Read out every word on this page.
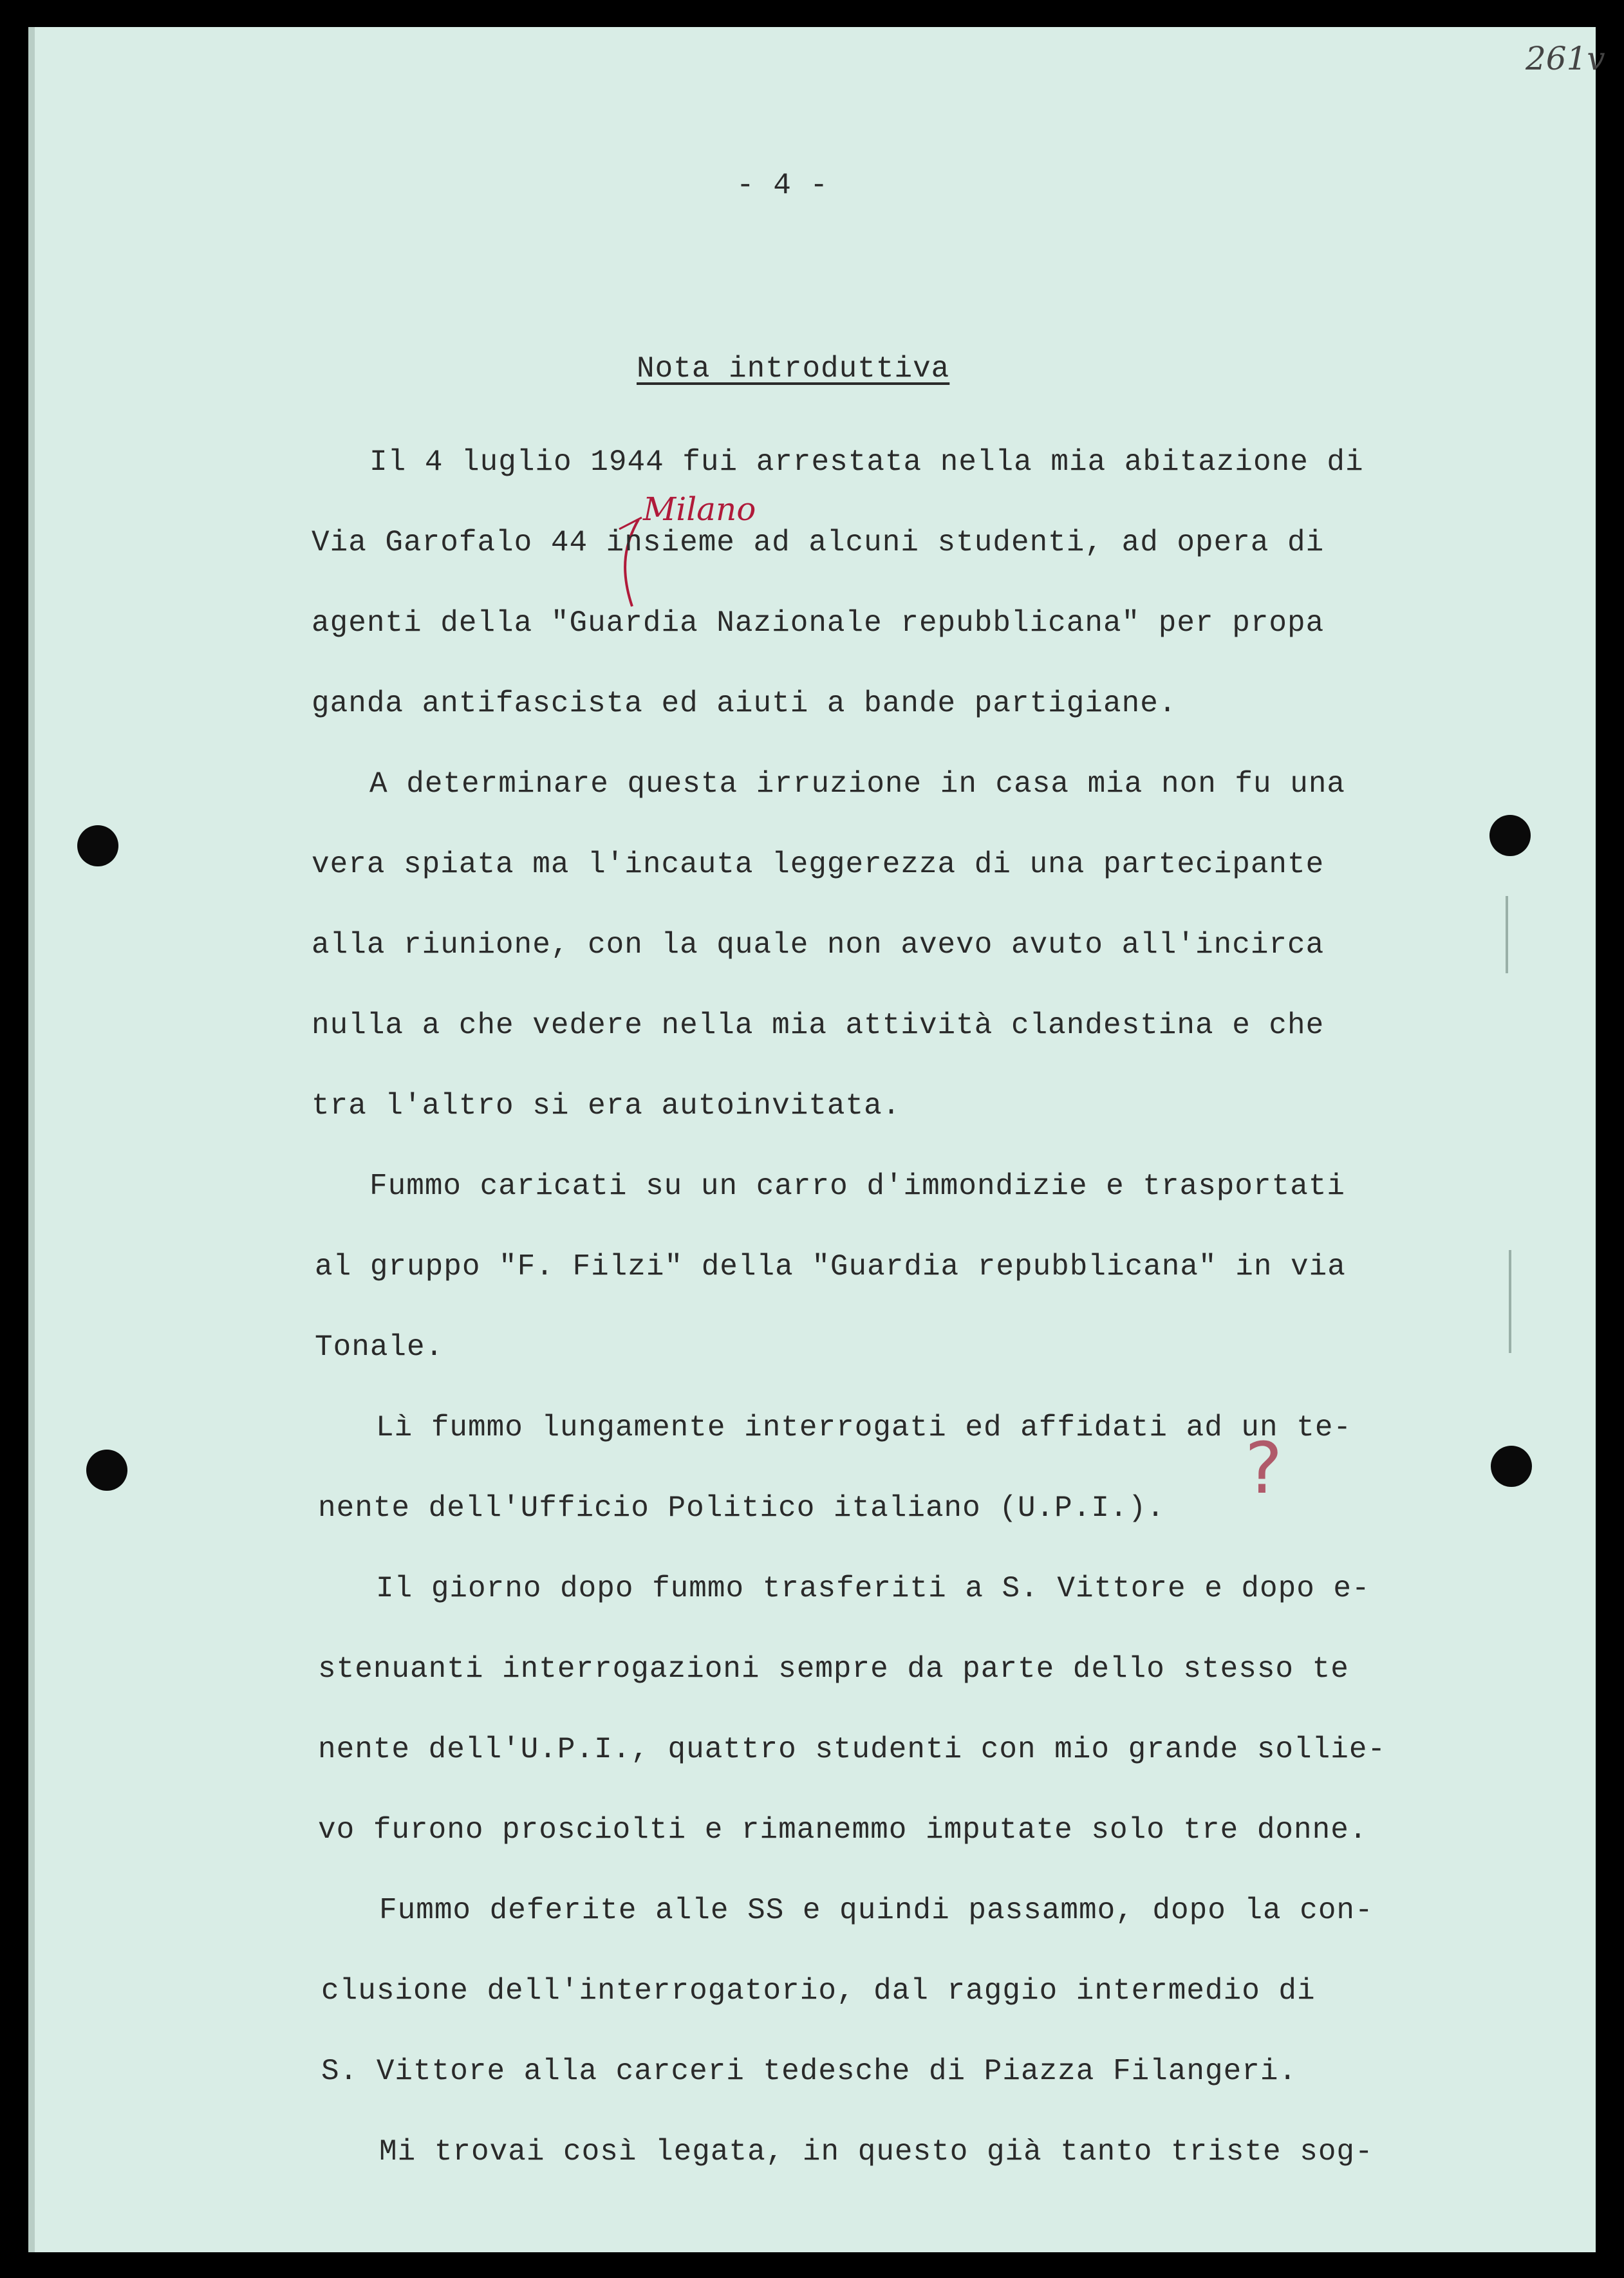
261v
- 4 -
Nota introduttiva
Milano
?
Il 4 luglio 1944 fui arrestata nella mia abitazione di
Via Garofalo 44 insieme ad alcuni studenti, ad opera di
agenti della "Guardia Nazionale repubblicana" per propa
ganda antifascista ed aiuti a bande partigiane.
A determinare questa irruzione in casa mia non fu una
vera spiata ma l'incauta leggerezza di una partecipante
alla riunione, con la quale non avevo avuto all'incirca
nulla a che vedere nella mia attività clandestina e che
tra l'altro si era autoinvitata.
Fummo caricati su un carro d'immondizie e trasportati
al gruppo "F. Filzi" della "Guardia repubblicana" in via
Tonale.
Lì fummo lungamente interrogati ed affidati ad un te-
nente dell'Ufficio Politico italiano (U.P.I.).
Il giorno dopo fummo trasferiti a S. Vittore e dopo e-
stenuanti interrogazioni sempre da parte dello stesso te
nente dell'U.P.I., quattro studenti con mio grande sollie-
vo furono prosciolti e rimanemmo imputate solo tre donne.
Fummo deferite alle SS e quindi passammo, dopo la con-
clusione dell'interrogatorio, dal raggio intermedio di
S. Vittore alla carceri tedesche di Piazza Filangeri.
Mi trovai così legata, in questo già tanto triste sog-
